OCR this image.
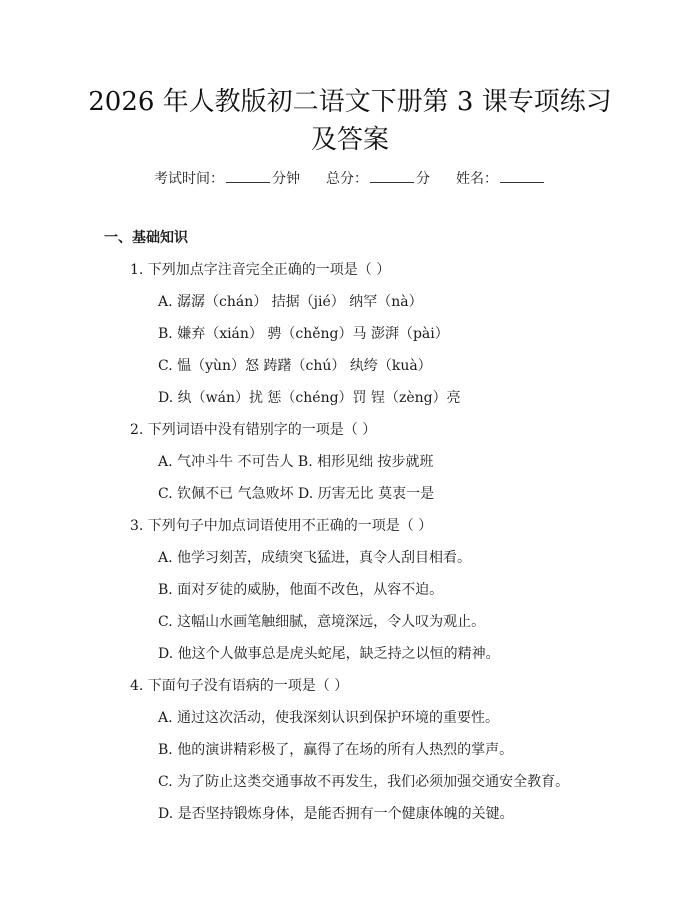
2026 年人教版初二语文下册第 3 课专项练习
及答案
考试时间：	分钟 总分：	分 姓名：
一、基础知识
1. 下列加点字注音完全正确的一项是（ ）
A. 潺潺（chán） 拮据（jié） 纳罕（nà）
B. 嫌弃（xián） 骋（chěng）马 澎湃（pài）
C. 愠（yùn）怒 踌躇（chú） 纨绔（kuà）
D. 纨（wán）扰 惩（chéng）罚 锃（zèng）亮
2. 下列词语中没有错别字的一项是（ ）
A. 气冲斗牛 不可告人 B. 相形见绌 按步就班
C. 钦佩不已 气急败坏 D. 历害无比 莫衷一是
3. 下列句子中加点词语使用不正确的一项是（ ）
A. 他学习刻苦，成绩突飞猛进，真令人刮目相看。
B. 面对歹徒的威胁，他面不改色，从容不迫。
C. 这幅山水画笔触细腻，意境深远，令人叹为观止。
D. 他这个人做事总是虎头蛇尾，缺乏持之以恒的精神。
4. 下面句子没有语病的一项是（ ）
A. 通过这次活动，使我深刻认识到保护环境的重要性。
B. 他的演讲精彩极了，赢得了在场的所有人热烈的掌声。
C. 为了防止这类交通事故不再发生，我们必须加强交通安全教育。
D. 是否坚持锻炼身体，是能否拥有一个健康体魄的关键。
